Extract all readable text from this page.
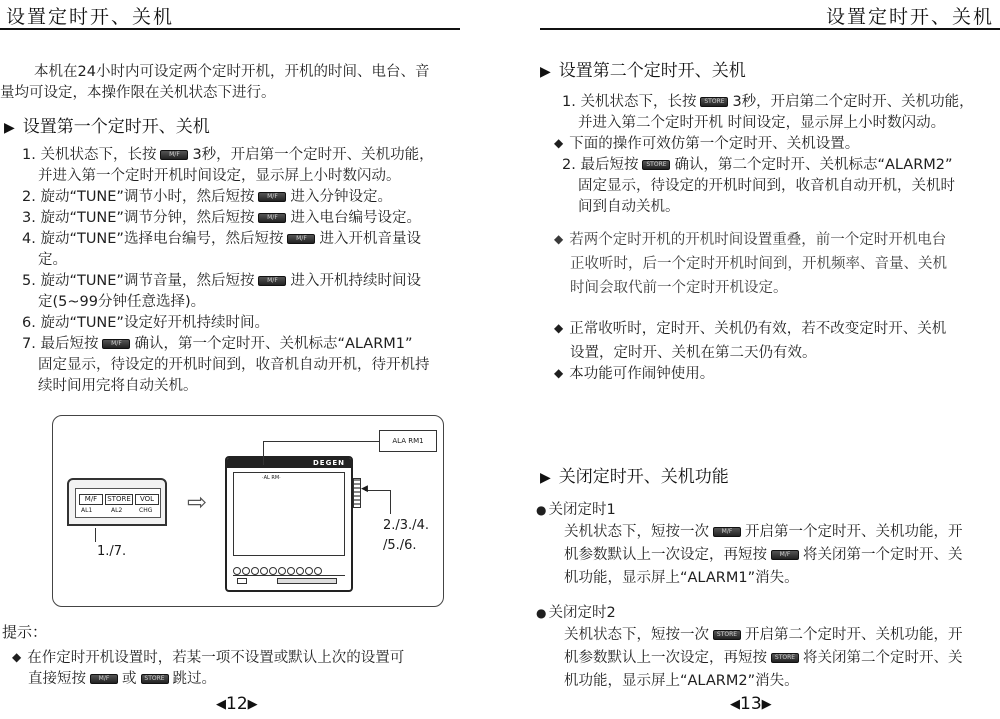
设置定时开、关机
本机在24小时内可设定两个定时开机，开机的时间、电台、音
量均可设定，本操作限在关机状态下进行。
▶ 设置第一个定时开、关机
1. 关机状态下，长按 M/F 3秒，开启第一个定时开、关机功能，
并进入第一个定时开机时间设定，显示屏上小时数闪动。
2. 旋动“TUNE”调节小时，然后短按 M/F 进入分钟设定。
3. 旋动“TUNE”调节分钟，然后短按 M/F 进入电台编号设定。
4. 旋动“TUNE”选择电台编号，然后短按 M/F 进入开机音量设
定。
5. 旋动“TUNE”调节音量，然后短按 M/F 进入开机持续时间设
定(5~99分钟任意选择)。
6. 旋动“TUNE”设定好开机持续时间。
7. 最后短按 M/F 确认，第一个定时开、关机标志“ALARM1”
固定显示，待设定的开机时间到，收音机自动开机，待开机持
续时间用完将自动关机。
M/F	STORE	VOL
AL1	AL2	CHG
1./7.
⇨
DEGEN
·AL RM·
◀
2./3./4.
/5./6.
ALA RM1
提示：
◆ 在作定时开机设置时，若某一项不设置或默认上次的设置可
直接短按 M/F 或 STORE 跳过。
◀12▶
设置定时开、关机
▶ 设置第二个定时开、关机
1. 关机状态下，长按 STORE 3秒，开启第二个定时开、关机功能，
并进入第二个定时开机 时间设定，显示屏上小时数闪动。
◆ 下面的操作可效仿第一个定时开、关机设置。
2. 最后短按 STORE 确认，第二个定时开、关机标志“ALARM2”
固定显示，待设定的开机时间到，收音机自动开机，关机时
间到自动关机。
◆ 若两个定时开机的开机时间设置重叠，前一个定时开机电台
正收听时，后一个定时开机时间到，开机频率、音量、关机
时间会取代前一个定时开机设定。
◆ 正常收听时，定时开、关机仍有效，若不改变定时开、关机
设置，定时开、关机在第二天仍有效。
◆ 本功能可作闹钟使用。
▶ 关闭定时开、关机功能
● 关闭定时1
关机状态下，短按一次 M/F 开启第一个定时开、关机功能，开
机参数默认上一次设定，再短按 M/F 将关闭第一个定时开、关
机功能，显示屏上“ALARM1”消失。
● 关闭定时2
关机状态下，短按一次 STORE 开启第二个定时开、关机功能，开
机参数默认上一次设定，再短按 STORE 将关闭第二个定时开、关
机功能，显示屏上“ALARM2”消失。
◀13▶
